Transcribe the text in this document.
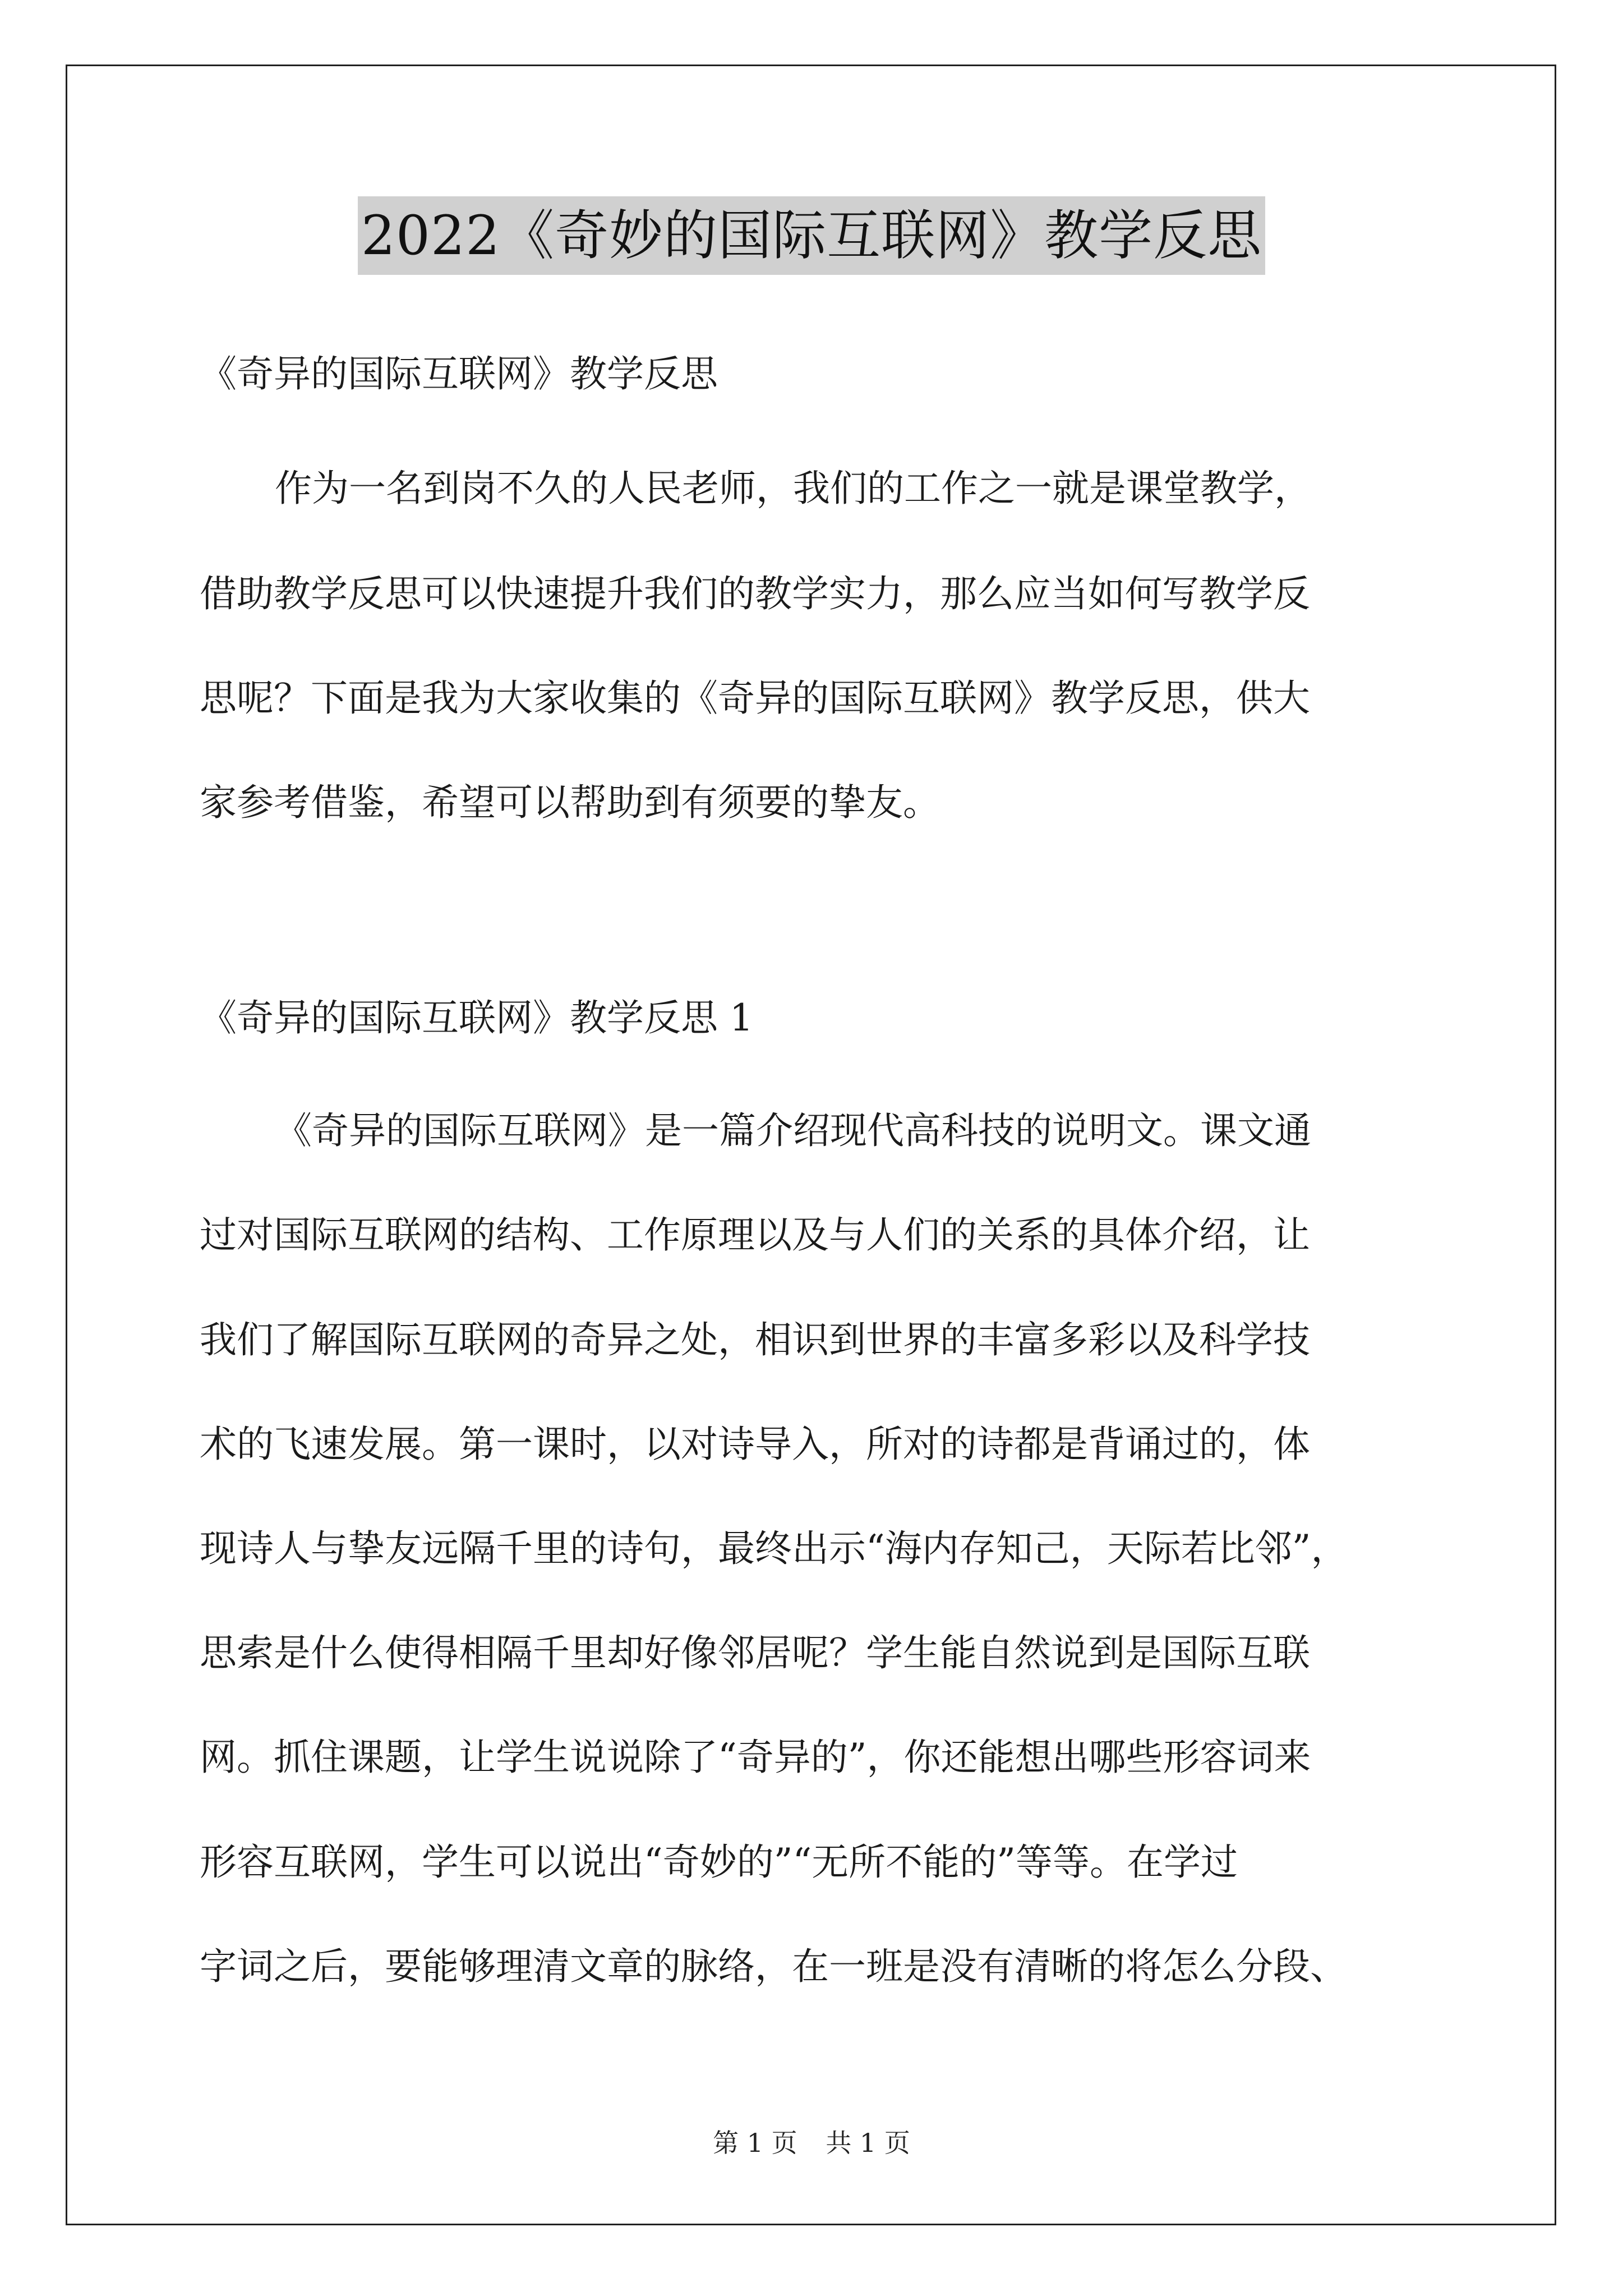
2022《奇妙的国际互联网》教学反思
《奇异的国际互联网》教学反思
作为一名到岗不久的人民老师，我们的工作之一就是课堂教学，
借助教学反思可以快速提升我们的教学实力，那么应当如何写教学反
思呢？下面是我为大家收集的《奇异的国际互联网》教学反思，供大
家参考借鉴，希望可以帮助到有须要的挚友。
《奇异的国际互联网》教学反思 1
《奇异的国际互联网》是一篇介绍现代高科技的说明文。课文通
过对国际互联网的结构、工作原理以及与人们的关系的具体介绍，让
我们了解国际互联网的奇异之处，相识到世界的丰富多彩以及科学技
术的飞速发展。第一课时，以对诗导入，所对的诗都是背诵过的，体
现诗人与挚友远隔千里的诗句，最终出示“海内存知己，天际若比邻”，
思索是什么使得相隔千里却好像邻居呢？学生能自然说到是国际互联
网。抓住课题，让学生说说除了“奇异的”，你还能想出哪些形容词来
形容互联网，学生可以说出“奇妙的”“无所不能的”等等。在学过
字词之后，要能够理清文章的脉络，在一班是没有清晰的将怎么分段、
第 1 页 共 1 页
